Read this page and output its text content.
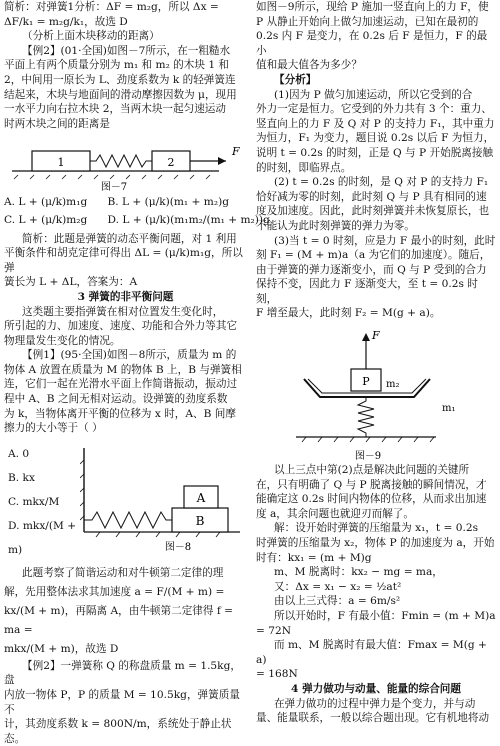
简析：对弹簧1分析：ΔF = m₂g，所以 Δx =

ΔF/k₁ = m₂g/k₁，故选 D

（分析上面木块移动的距离）

【例2】(01·全国)如图－7所示，在一粗糙水

平面上有两个质量分别为 m₁ 和 m₂ 的木块 1 和

2，中间用一原长为 L、劲度系数为 k 的轻弹簧连

结起来，木块与地面间的滑动摩擦因数为 μ，现用

一水平力向右拉木块 2，当两木块一起匀速运动

时两木块之间的距离是

1	2
F
图－7

A. L + (μ/k)m₁g      B. L + (μ/k)(m₁ + m₂)g

C. L + (μ/k)m₂g      D. L + (μ/k)(m₁m₂/(m₁ + m₂))g

简析：此题是弹簧的动态平衡问题，对 1 利用

平衡条件和胡克定律可得出 ΔL = (μ/k)m₁g，所以弹

簧长为 L + ΔL，答案为：A

3 弹簧的非平衡问题

这类题主要指弹簧在相对位置发生变化时，

所引起的力、加速度、速度、功能和合外力等其它

物理量发生变化的情况。

【例1】(95·全国)如图－8所示，质量为 m 的

物体 A 放置在质量为 M 的物体 B 上，B 与弹簧相

连，它们一起在光滑水平面上作简谐振动，振动过

程中 A、B 之间无相对运动。设弹簧的劲度系数

为 k，当物体离开平衡的位移为 x 时，A、B 间摩

擦力的大小等于（ ）

A. 0

B. kx

C. mkx/M

D. mkx/(M + m)

B
A
图－8

此题考察了简谐运动和对牛顿第二定律的理

解，先用整体法求其加速度 a = F/(M + m) =

kx/(M + m)，再隔离 A，由牛顿第二定律得 f = ma =

mkx/(M + m)，故选 D

【例2】一弹簧称 Q 的称盘质量 m = 1.5kg，盘

内放一物体 P，P 的质量 M = 10.5kg，弹簧质量不

计，其劲度系数 k = 800N/m，系统处于静止状态。

如图－9所示，现给 P 施加一竖直向上的力 F，使

P 从静止开始向上做匀加速运动，已知在最初的

0.2s 内 F 是变力，在 0.2s 后 F 是恒力，F 的最小

值和最大值各为多少？

【分析】

(1)因为 P 做匀加速运动，所以它受到的合

外力一定是恒力。它受到的外力共有 3 个：重力、

竖直向上的力 F 及 Q 对 P 的支持力 F₁，其中重力

为恒力，F₁ 为变力，题目说 0.2s 以后 F 为恒力，

说明 t = 0.2s 的时刻，正是 Q 与 P 开始脱离接触

的时刻，即临界点。

(2) t = 0.2s 的时刻，是 Q 对 P 的支持力 F₁

恰好减为零的时刻，此时刻 Q 与 P 具有相同的速

度及加速度。因此，此时刻弹簧并未恢复原长，也

不能认为此时刻弹簧的弹力为零。

(3)当 t = 0 时刻，应是力 F 最小的时刻，此时

刻 F₁ = (M + m)a（a 为它们的加速度）。随后，

由于弹簧的弹力逐渐变小，而 Q 与 P 受到的合力

保持不变，因此力 F 逐渐变大，至 t = 0.2s 时刻，

F 增至最大，此时刻 F₂ = M(g + a)。

F
P m₂
m₁
图－9

以上三点中第(2)点是解决此问题的关键所

在，只有明确了 Q 与 P 脱离接触的瞬间情况，才

能确定这 0.2s 时间内物体的位移，从而求出加速

度 a，其余问题也就迎刃而解了。

解：设开始时弹簧的压缩量为 x₁，t = 0.2s

时弹簧的压缩量为 x₂，物体 P 的加速度为 a，开始

时有：kx₁ = (m + M)g

m、M 脱离时：kx₂ − mg = ma，

又：Δx = x₁ − x₂ = ½at²

由以上三式得：a = 6m/s²

所以开始时，F 有最小值：Fmin = (m + M)a

= 72N

而 m、M 脱离时有最大值：Fmax = M(g + a)

= 168N

4 弹力做功与动量、能量的综合问题

在弹力做功的过程中弹力是个变力，并与动

量、能量联系，一般以综合题出现。它有机地将动
